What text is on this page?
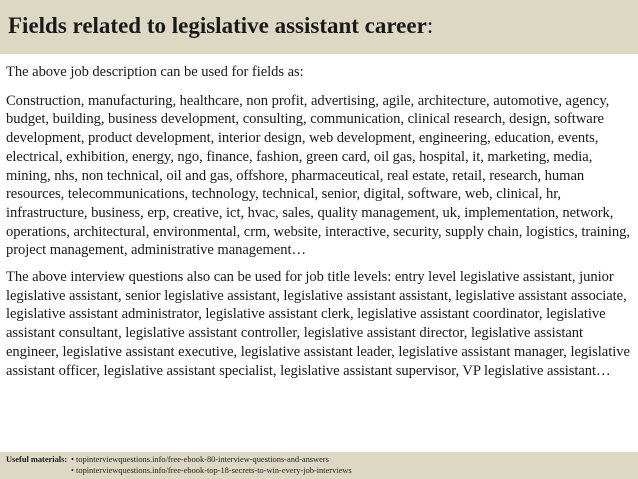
Fields related to legislative assistant career:

The above job description can be used for fields as:

Construction, manufacturing, healthcare, non profit, advertising, agile, architecture, automotive, agency, budget, building, business development, consulting, communication, clinical research, design, software development, product development, interior design, web development, engineering, education, events, electrical, exhibition, energy, ngo, finance, fashion, green card, oil gas, hospital, it, marketing, media, mining, nhs, non technical, oil and gas, offshore, pharmaceutical, real estate, retail, research, human resources, telecommunications, technology, technical, senior, digital, software, web, clinical, hr, infrastructure, business, erp, creative, ict, hvac, sales, quality management, uk, implementation, network, operations, architectural, environmental, crm, website, interactive, security, supply chain, logistics, training, project management, administrative management…

The above interview questions also can be used for job title levels: entry level legislative assistant, junior legislative assistant, senior legislative assistant, legislative assistant assistant, legislative assistant associate, legislative assistant administrator, legislative assistant clerk, legislative assistant coordinator, legislative assistant consultant, legislative assistant controller, legislative assistant director, legislative assistant engineer, legislative assistant executive, legislative assistant leader, legislative assistant manager, legislative assistant officer, legislative assistant specialist, legislative assistant supervisor, VP legislative assistant…

Useful materials: • topinterviewquestions.info/free-ebook-80-interview-questions-and-answers
• topinterviewquestions.info/free-ebook-top-18-secrets-to-win-every-job-interviews
